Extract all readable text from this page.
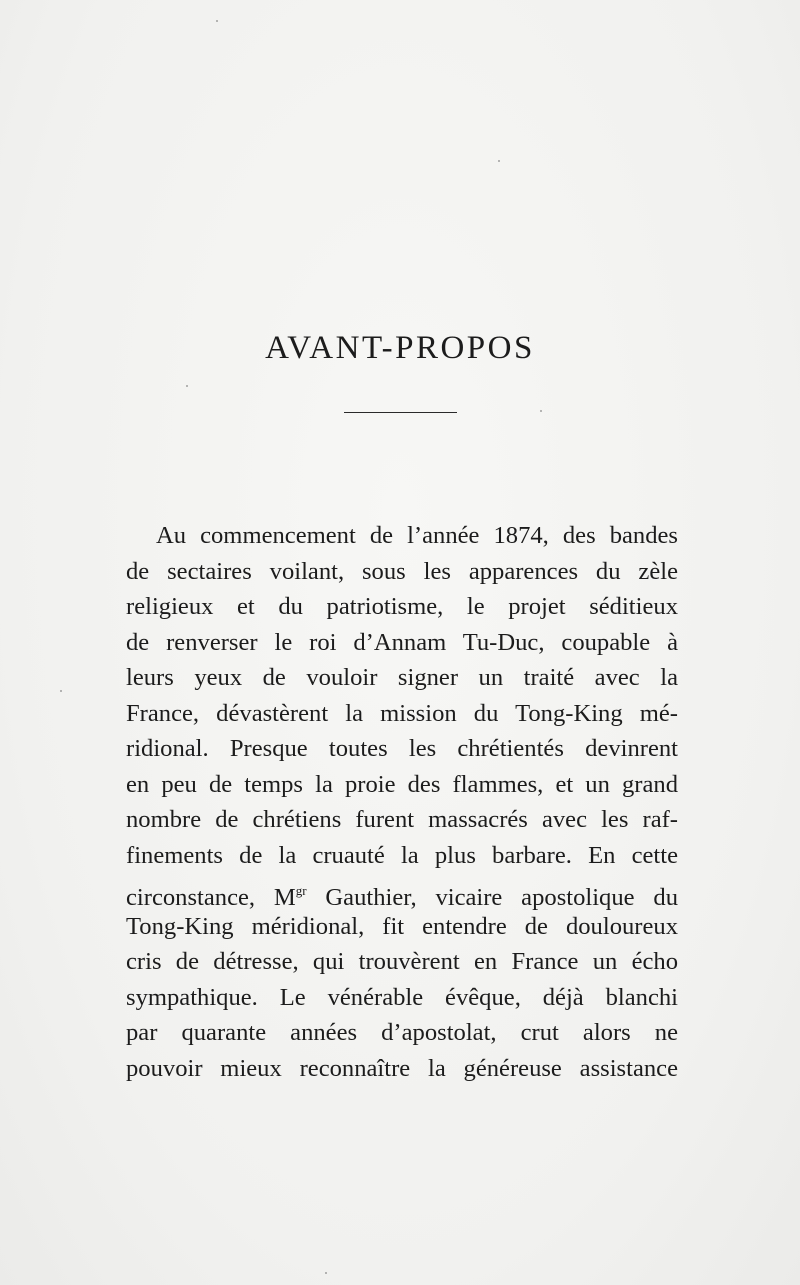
AVANT-PROPOS
Au commencement de l’année 1874, des bandes
de sectaires voilant, sous les apparences du zèle
religieux et du patriotisme, le projet séditieux
de renverser le roi d’Annam Tu-Duc, coupable à
leurs yeux de vouloir signer un traité avec la
France, dévastèrent la mission du Tong-King mé-
ridional. Presque toutes les chrétientés devinrent
en peu de temps la proie des flammes, et un grand
nombre de chrétiens furent massacrés avec les raf-
finements de la cruauté la plus barbare. En cette
circonstance, $M^{gr}$ Gauthier, vicaire apostolique du
Tong-King méridional, fit entendre de douloureux
cris de détresse, qui trouvèrent en France un écho
sympathique. Le vénérable évêque, déjà blanchi
par quarante années d’apostolat, crut alors ne
pouvoir mieux reconnaître la généreuse assistance
